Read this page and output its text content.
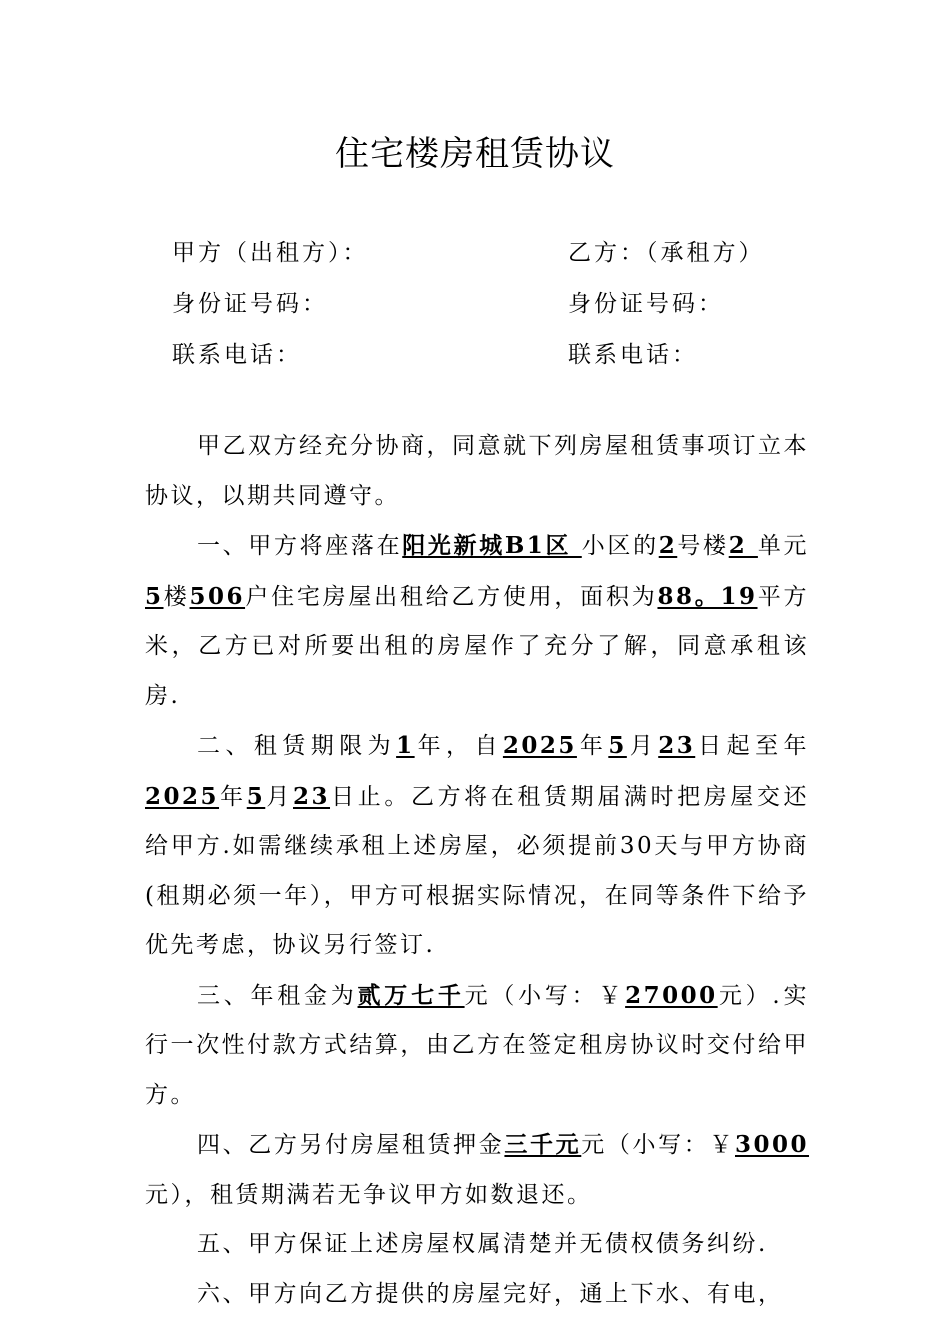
住宅楼房租赁协议
甲方（出租方）：	乙方：（承租方）
身份证号码：	身份证号码：
联系电话：	联系电话：

甲乙双方经充分协商，同意就下列房屋租赁事项订立本协议，以期共同遵守。

一、甲方将座落在阳光新城B1区 小区的2号楼2 单元5楼506户住宅房屋出租给乙方使用，面积为88。19平方米，乙方已对所要出租的房屋作了充分了解，同意承租该房.

二、租赁期限为1年，自2025年5月23日起至年2025年5月23日止。乙方将在租赁期届满时把房屋交还给甲方.如需继续承租上述房屋，必须提前30天与甲方协商(租期必须一年），甲方可根据实际情况，在同等条件下给予优先考虑，协议另行签订.

三、年租金为贰万七千元（小写：￥27000元）.实行一次性付款方式结算，由乙方在签定租房协议时交付给甲方。

四、乙方另付房屋租赁押金三千元元（小写：￥3000元），租赁期满若无争议甲方如数退还。

五、甲方保证上述房屋权属清楚并无债权债务纠纷.

六、甲方向乙方提供的房屋完好，通上下水、有电，
